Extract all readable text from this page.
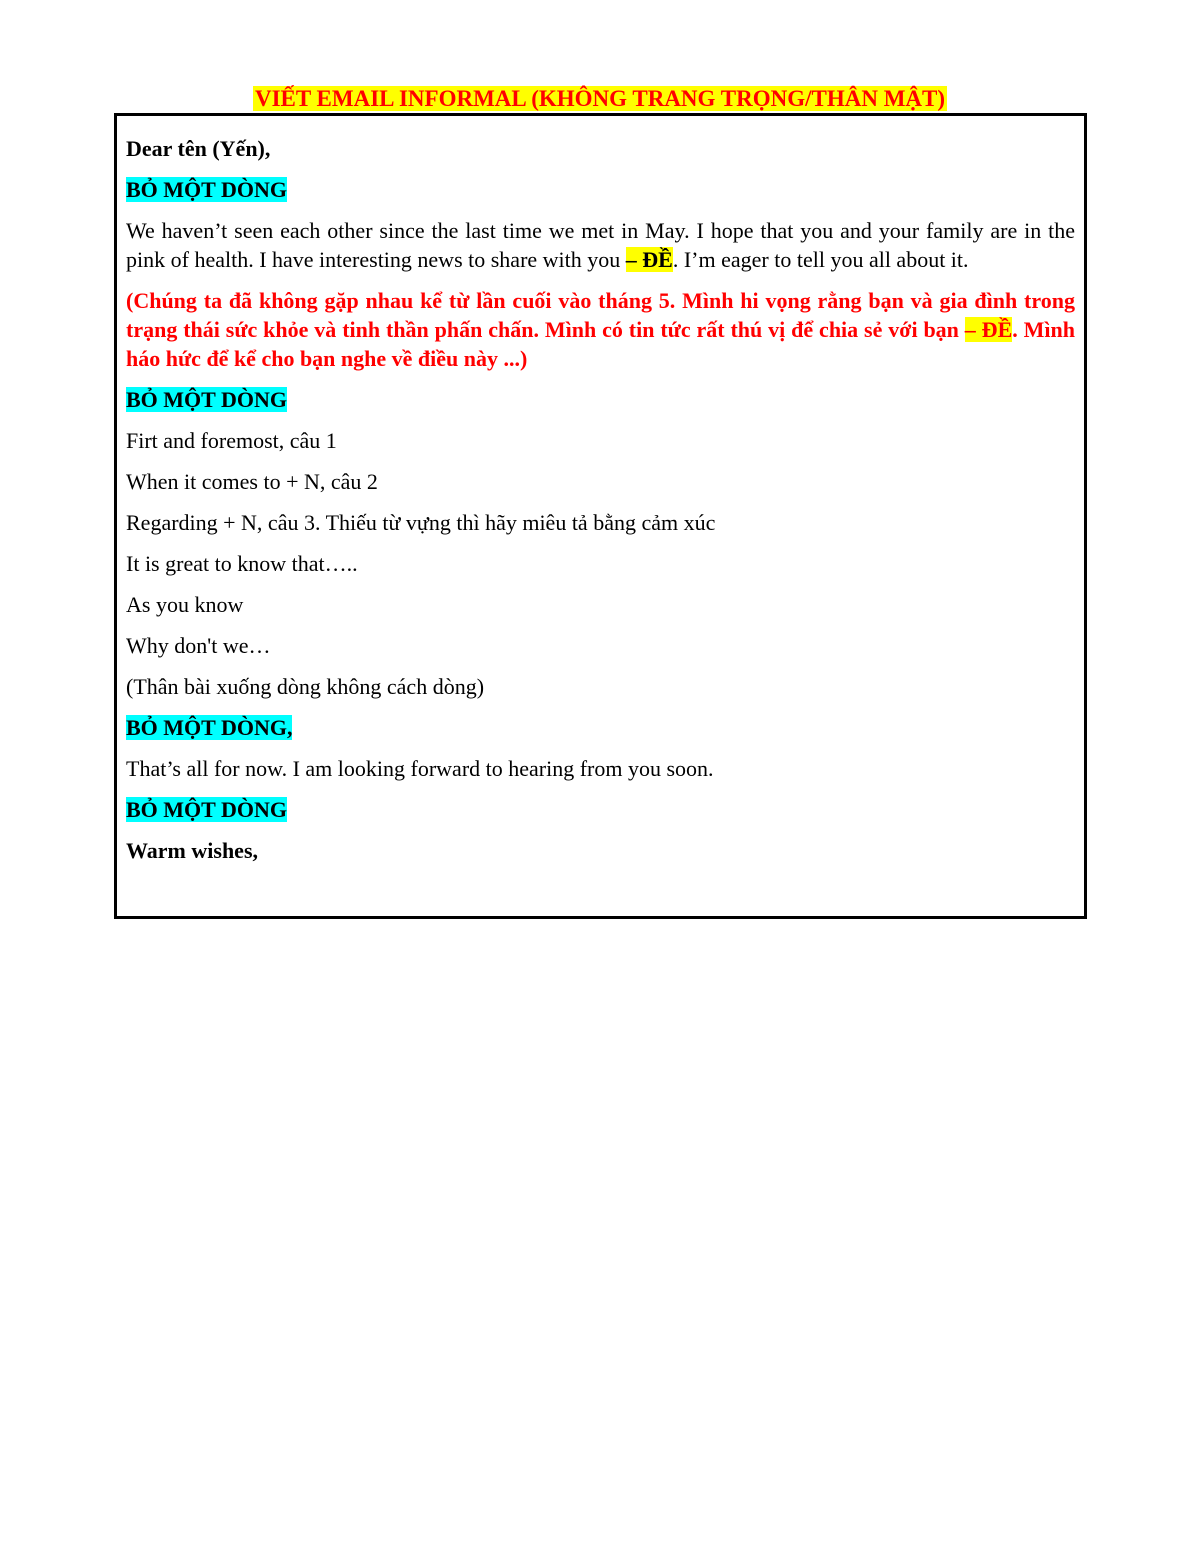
VIẾT EMAIL INFORMAL (KHÔNG TRANG TRỌNG/THÂN MẬT)
Dear tên (Yến),
BỎ MỘT DÒNG
We haven’t seen each other since the last time we met in May. I hope that you and your family are in the pink of health. I have interesting news to share with you – ĐỀ. I’m eager to tell you all about it.
(Chúng ta đã không gặp nhau kể từ lần cuối vào tháng 5. Mình hi vọng rằng bạn và gia đình trong trạng thái sức khỏe và tinh thần phấn chấn. Mình có tin tức rất thú vị để chia sẻ với bạn – ĐỀ. Mình háo hức để kể cho bạn nghe về điều này ...)
BỎ MỘT DÒNG
Firt and foremost, câu 1
When it comes to + N, câu 2
Regarding + N, câu 3. Thiếu từ vựng thì hãy miêu tả bằng cảm xúc
It is great to know that…..
As you know
Why don't we…
(Thân bài xuống dòng không cách dòng)
BỎ MỘT DÒNG,
That’s all for now. I am looking forward to hearing from you soon.
BỎ MỘT DÒNG
Warm wishes,
